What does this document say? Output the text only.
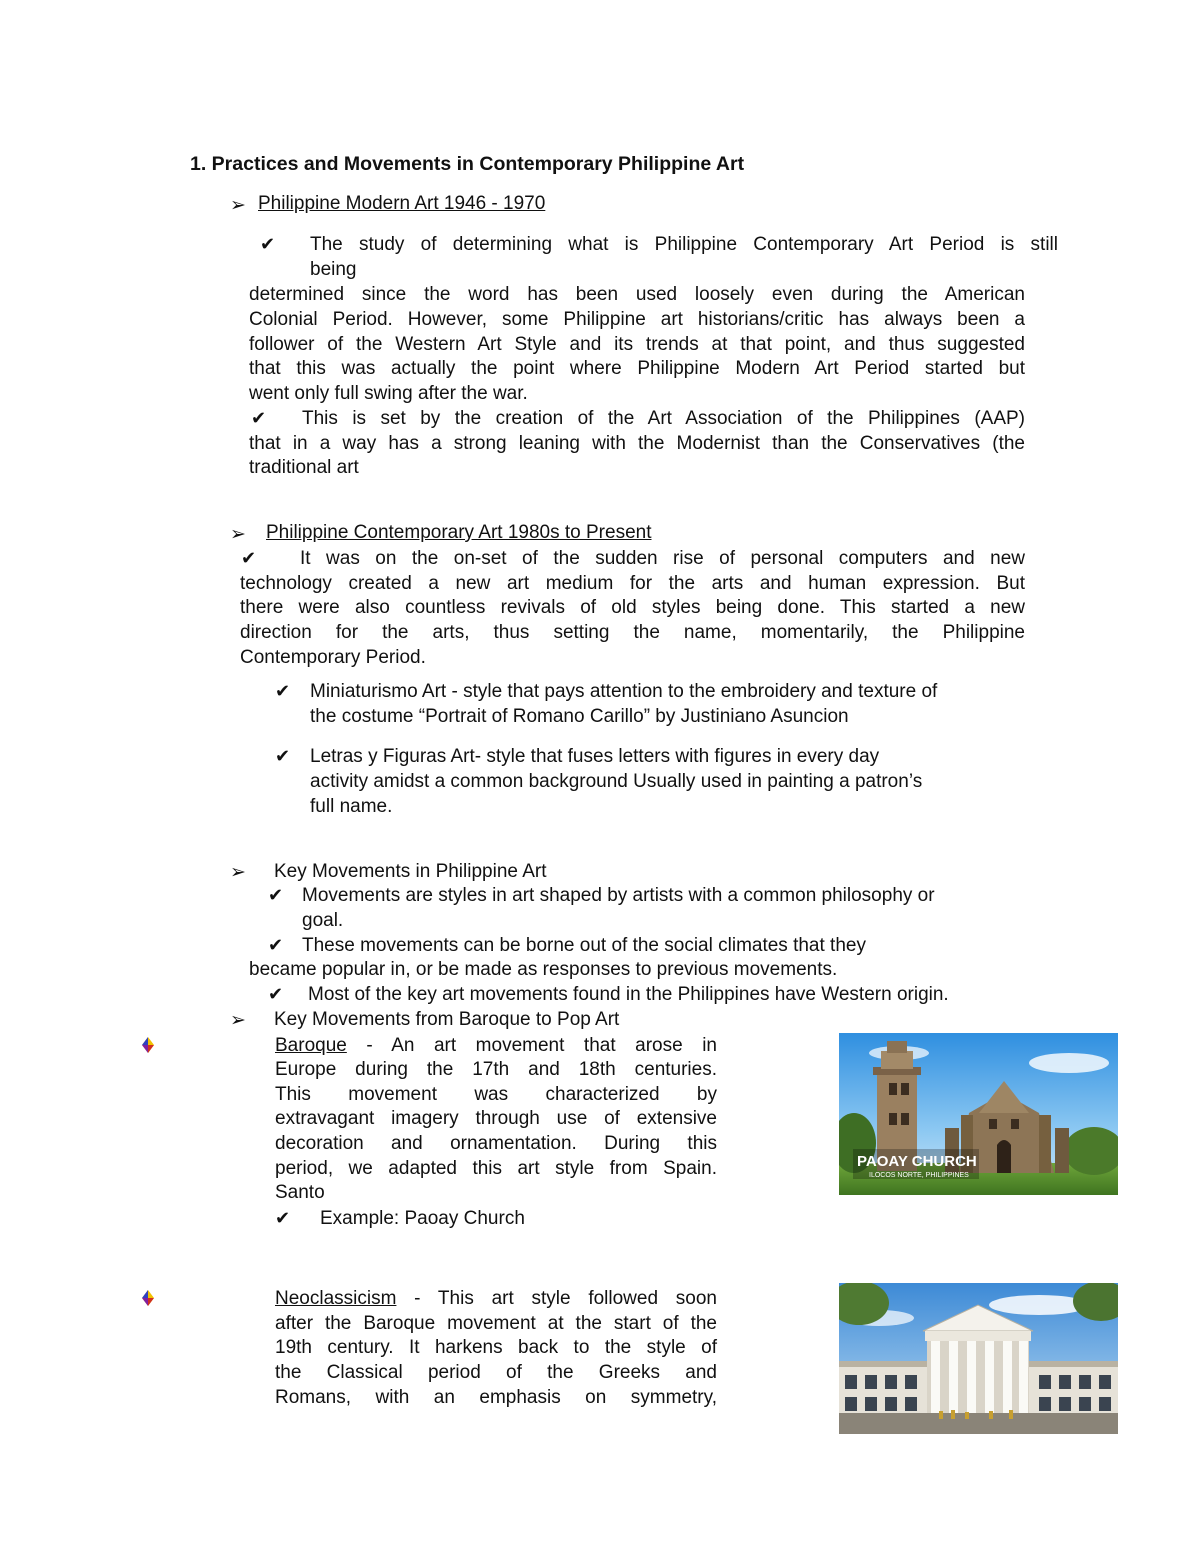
1. Practices and Movements in Contemporary Philippine Art
➢ Philippine Modern Art 1946 - 1970
✔ The study of determining what is Philippine Contemporary Art Period is still
being
determined since the word has been used loosely even during the American
Colonial Period. However, some Philippine art historians/critic has always been a
follower of the Western Art Style and its trends at that point, and thus suggested
that this was actually the point where Philippine Modern Art Period started but
went only full swing after the war.
✔ This is set by the creation of the Art Association of the Philippines (AAP)
that in a way has a strong leaning with the Modernist than the Conservatives (the
traditional art
➢ Philippine Contemporary Art 1980s to Present
✔ It was on the on-set of the sudden rise of personal computers and new
technology created a new art medium for the arts and human expression. But
there were also countless revivals of old styles being done. This started a new
direction for the arts, thus setting the name, momentarily, the Philippine
Contemporary Period.
✔ Miniaturismo Art - style that pays attention to the embroidery and texture of
the costume “Portrait of Romano Carillo” by Justiniano Asuncion
✔ Letras y Figuras Art- style that fuses letters with figures in every day
activity amidst a common background Usually used in painting a patron’s
full name.
➢ Key Movements in Philippine Art
✔ Movements are styles in art shaped by artists with a common philosophy or
goal.
✔ These movements can be borne out of the social climates that they
became popular in, or be made as responses to previous movements.
✔ Most of the key art movements found in the Philippines have Western origin.
➢ Key Movements from Baroque to Pop Art
Baroque - An art movement that arose in
Europe during the 17th and 18th centuries.
This movement was characterized by
extravagant imagery through use of extensive
decoration and ornamentation. During this
period, we adapted this art style from Spain.
Santo
✔ Example: Paoay Church
PAOAY CHURCH
ILOCOS NORTE, PHILIPPINES
Neoclassicism - This art style followed soon
after the Baroque movement at the start of the
19th century. It harkens back to the style of
the Classical period of the Greeks and
Romans, with an emphasis on symmetry,
